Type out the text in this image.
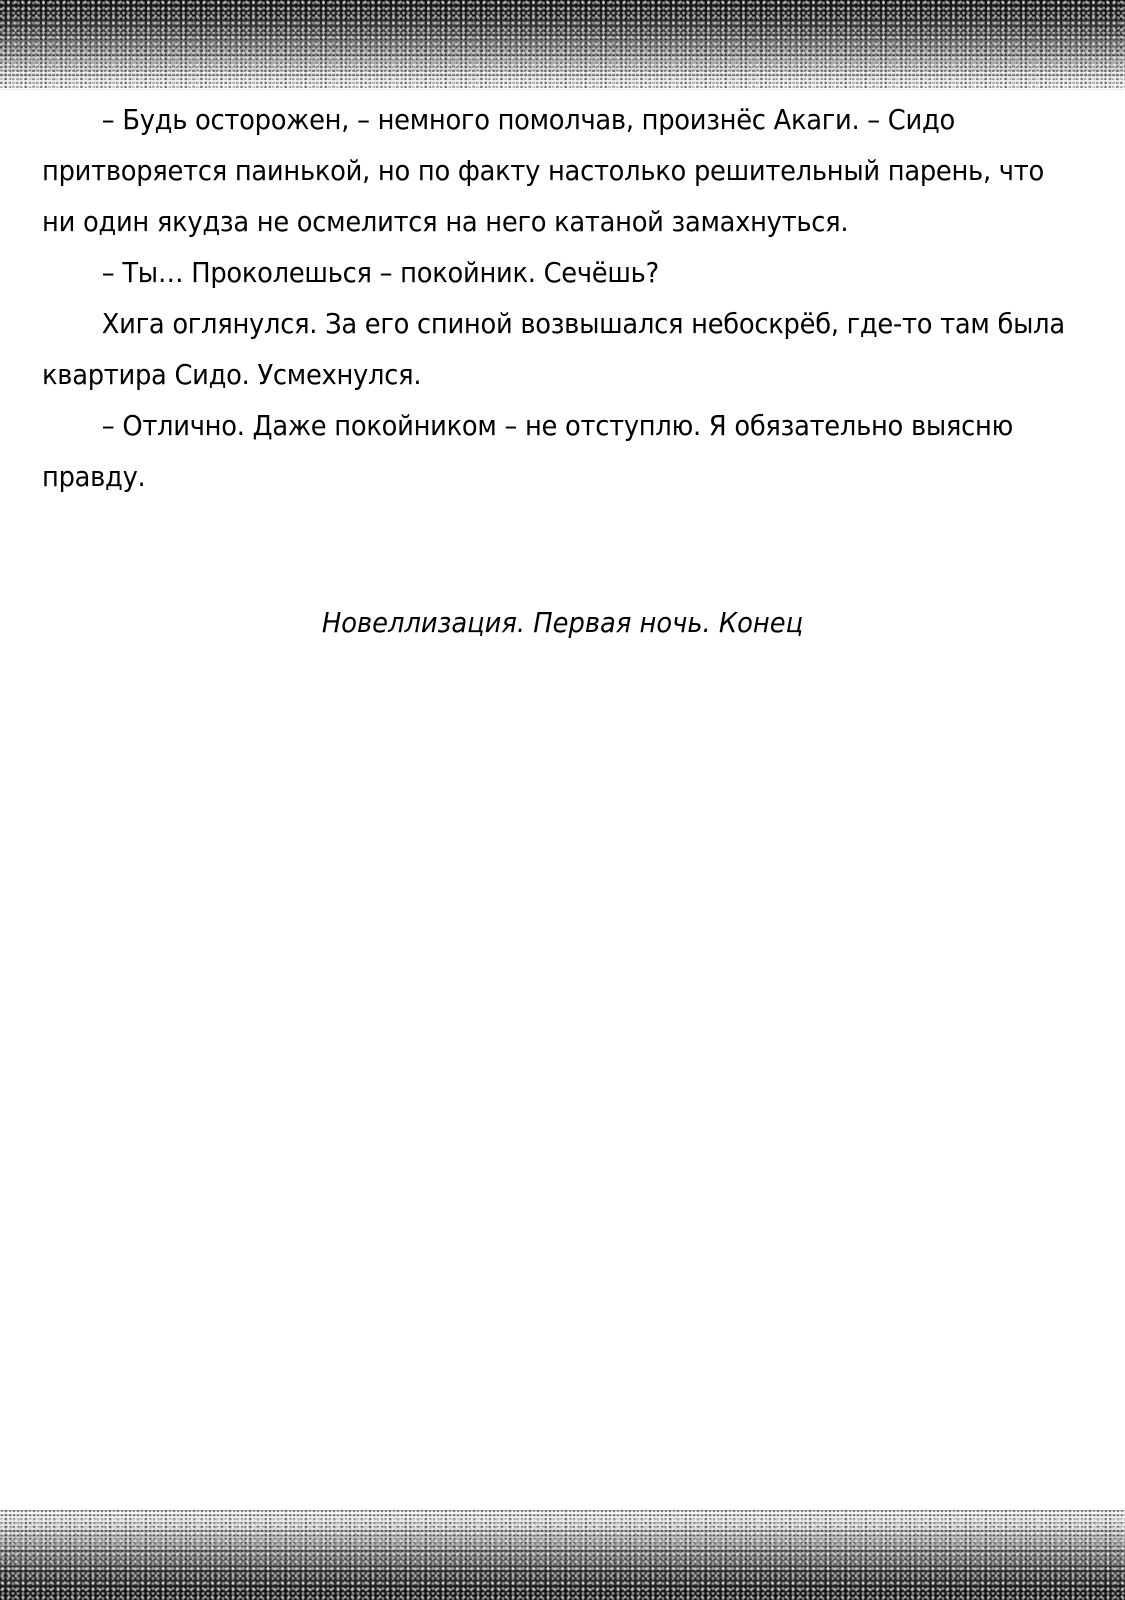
– Будь осторожен, – немного помолчав, произнёс Акаги. – Сидо притворяется паинькой, но по факту настолько решительный парень, что ни один якудза не осмелится на него катаной замахнуться.

– Ты… Проколешься – покойник. Сечёшь?

Хига оглянулся. За его спиной возвышался небоскрёб, где-то там была квартира Сидо. Усмехнулся.

– Отлично. Даже покойником – не отступлю. Я обязательно выясню правду.

Новеллизация. Первая ночь. Конец
